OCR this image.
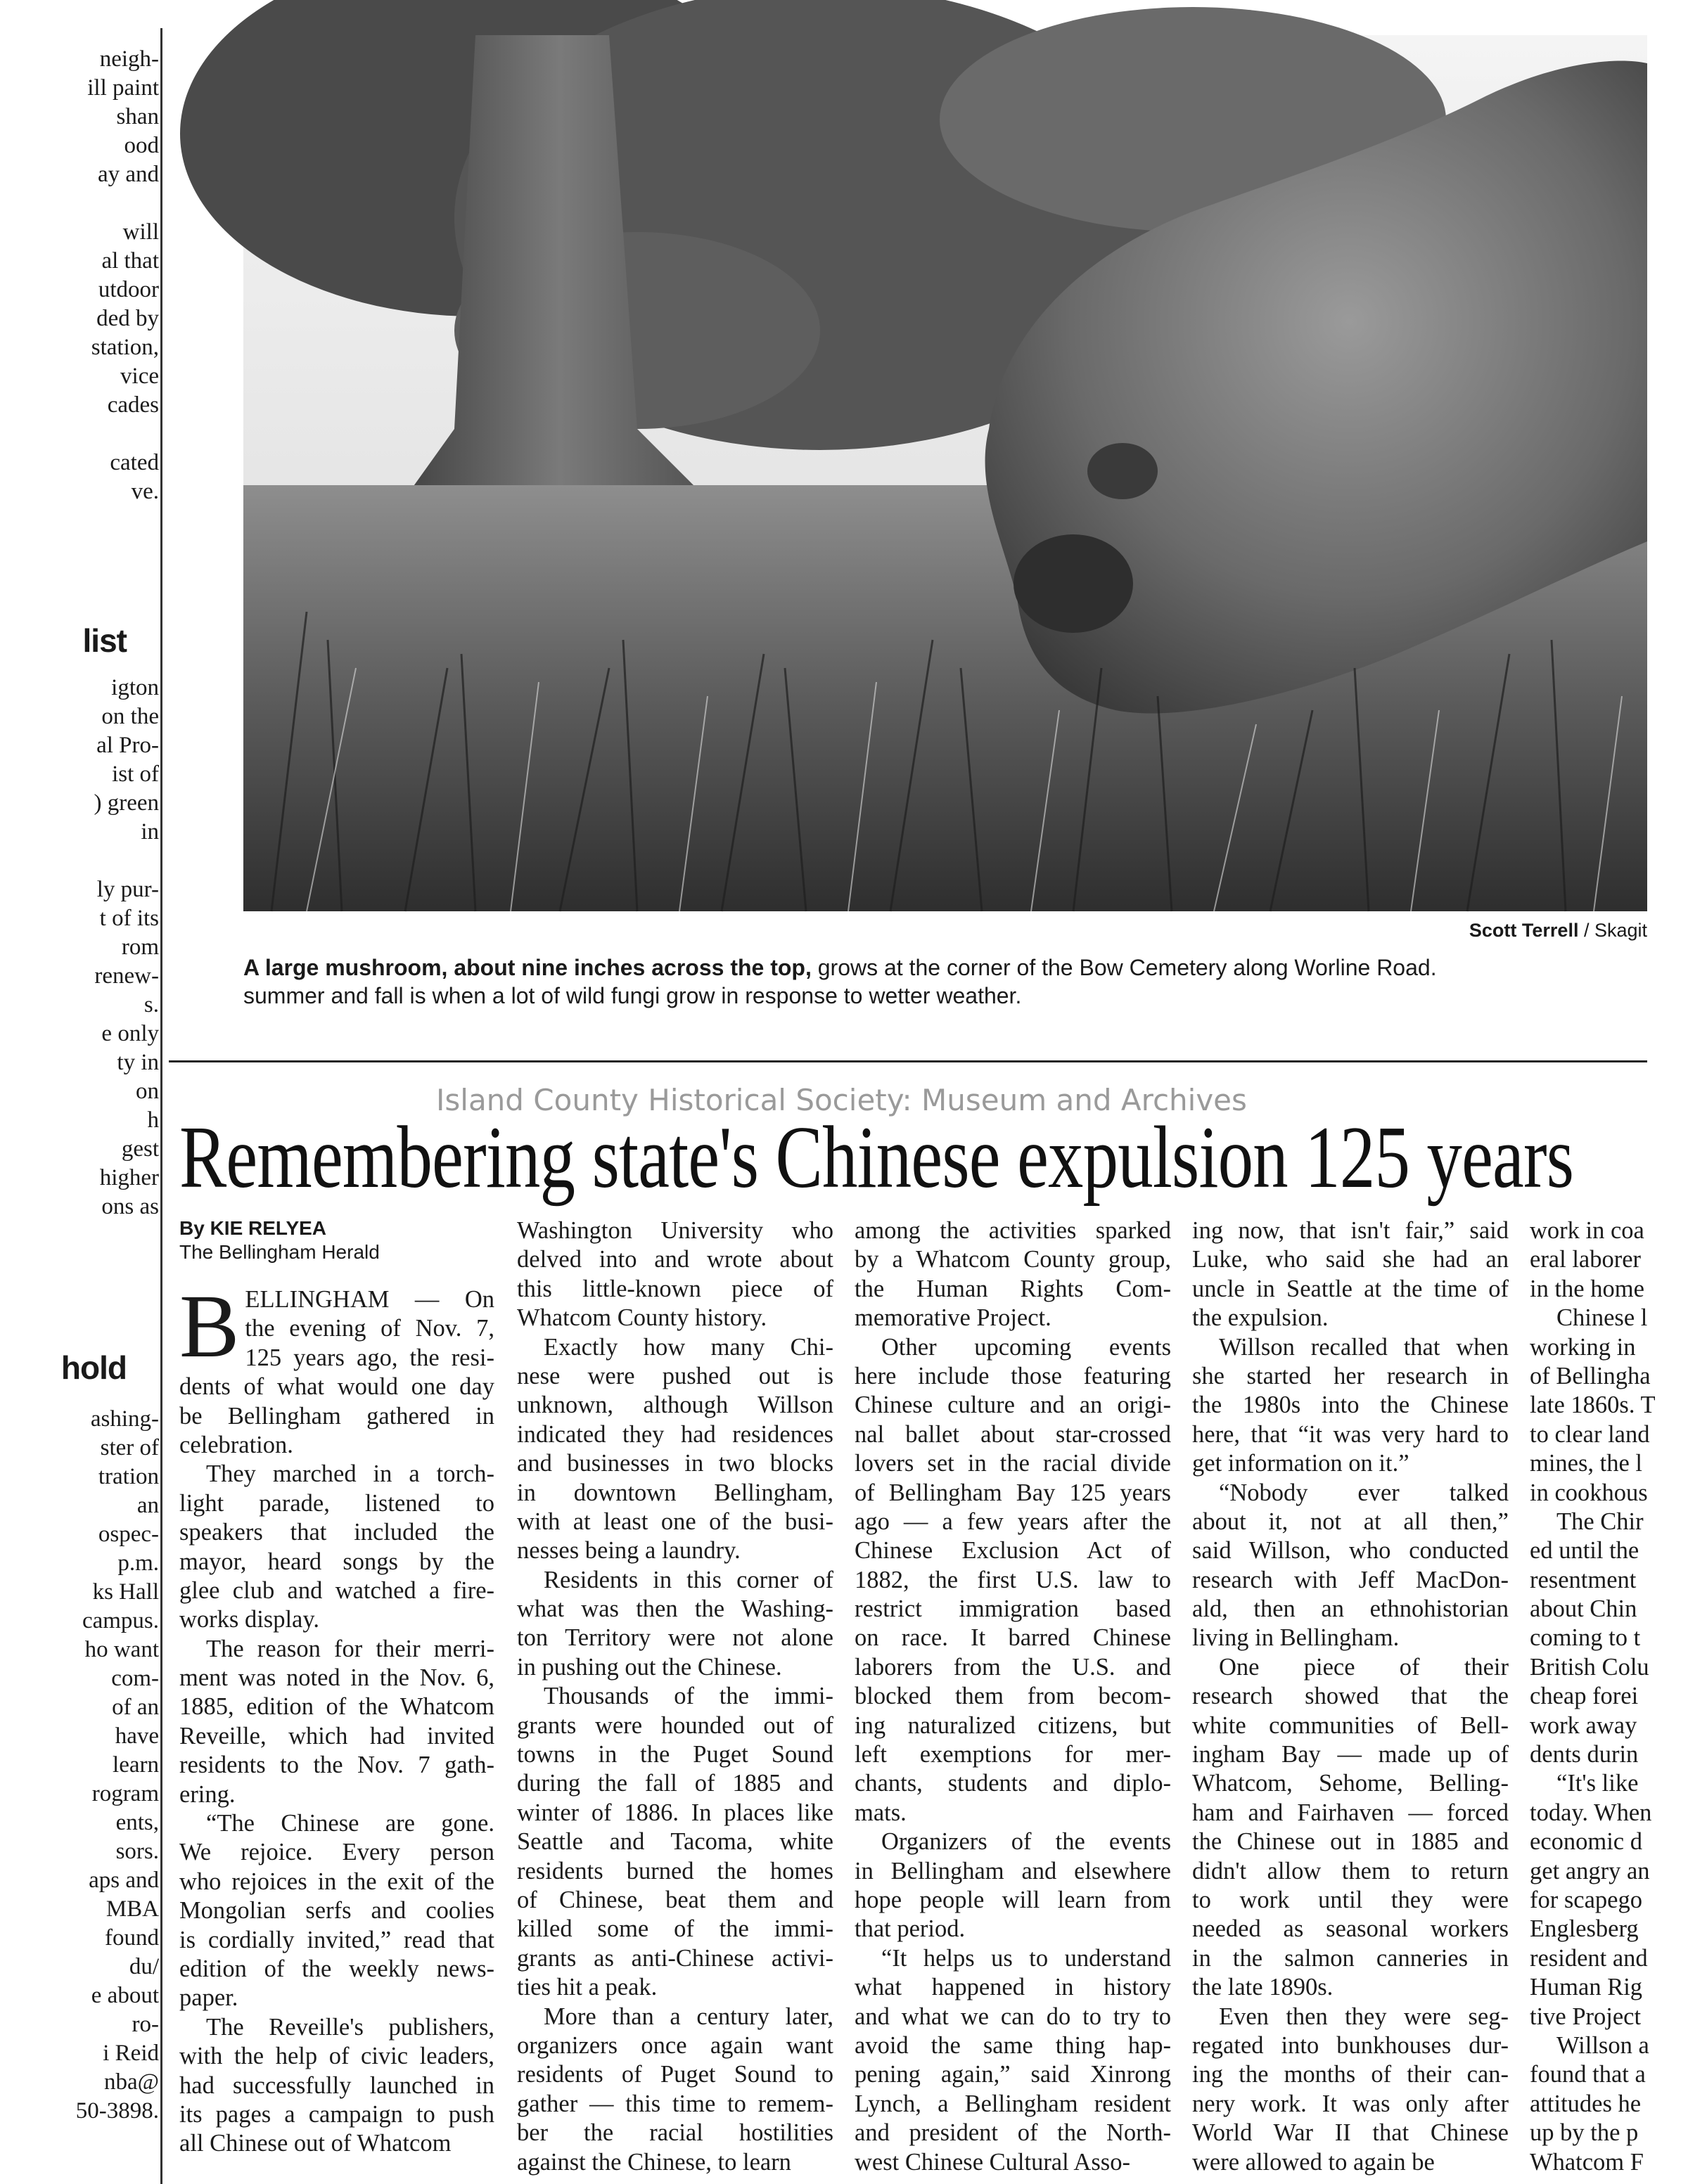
neigh-
ill paint
shan
ood
ay and
will
al that
utdoor
ded by
station,
vice
cades
cated
ve.
list
igton
on the
al Pro-
ist of
) green
in
ly pur-
t of its
rom
renew-
s.
e only
ty in
on
h
gest
higher
ons as
hold
ashing-
ster of
tration
an
ospec-
p.m.
ks Hall
campus.
ho want
com-
of an
have
learn
rogram
ents,
sors.
aps and
MBA
found
du/
e about
ro-
i Reid
nba@
50-3898.
Scott Terrell / Skagit
A large mushroom, about nine inches across the top, grows at the corner of the Bow Cemetery along Worline Road.
summer and fall is when a lot of wild fungi grow in response to wetter weather.
Island County Historical Society: Museum and Archives
Remembering state's Chinese expulsion 125 years
By KIE RELYEA
The Bellingham Herald
B ELLINGHAM — On
the evening of Nov. 7,
125 years ago, the resi-
dents of what would one day
be Bellingham gathered in
celebration.
They marched in a torch-
light parade, listened to
speakers that included the
mayor, heard songs by the
glee club and watched a fire-
works display.
The reason for their merri-
ment was noted in the Nov. 6,
1885, edition of the Whatcom
Reveille, which had invited
residents to the Nov. 7 gath-
ering.
“The Chinese are gone.
We rejoice. Every person
who rejoices in the exit of the
Mongolian serfs and coolies
is cordially invited,” read that
edition of the weekly news-
paper.
The Reveille's publishers,
with the help of civic leaders,
had successfully launched in
its pages a campaign to push
all Chinese out of Whatcom
Washington University who
delved into and wrote about
this little-known piece of
Whatcom County history.
Exactly how many Chi-
nese were pushed out is
unknown, although Willson
indicated they had residences
and businesses in two blocks
in downtown Bellingham,
with at least one of the busi-
nesses being a laundry.
Residents in this corner of
what was then the Washing-
ton Territory were not alone
in pushing out the Chinese.
Thousands of the immi-
grants were hounded out of
towns in the Puget Sound
during the fall of 1885 and
winter of 1886. In places like
Seattle and Tacoma, white
residents burned the homes
of Chinese, beat them and
killed some of the immi-
grants as anti-Chinese activi-
ties hit a peak.
More than a century later,
organizers once again want
residents of Puget Sound to
gather — this time to remem-
ber the racial hostilities
against the Chinese, to learn
among the activities sparked
by a Whatcom County group,
the Human Rights Com-
memorative Project.
Other upcoming events
here include those featuring
Chinese culture and an origi-
nal ballet about star-crossed
lovers set in the racial divide
of Bellingham Bay 125 years
ago — a few years after the
Chinese Exclusion Act of
1882, the first U.S. law to
restrict immigration based
on race. It barred Chinese
laborers from the U.S. and
blocked them from becom-
ing naturalized citizens, but
left exemptions for mer-
chants, students and diplo-
mats.
Organizers of the events
in Bellingham and elsewhere
hope people will learn from
that period.
“It helps us to understand
what happened in history
and what we can do to try to
avoid the same thing hap-
pening again,” said Xinrong
Lynch, a Bellingham resident
and president of the North-
west Chinese Cultural Asso-
ing now, that isn't fair,” said
Luke, who said she had an
uncle in Seattle at the time of
the expulsion.
Willson recalled that when
she started her research in
the 1980s into the Chinese
here, that “it was very hard to
get information on it.”
“Nobody ever talked
about it, not at all then,”
said Willson, who conducted
research with Jeff MacDon-
ald, then an ethnohistorian
living in Bellingham.
One piece of their
research showed that the
white communities of Bell-
ingham Bay — made up of
Whatcom, Sehome, Belling-
ham and Fairhaven — forced
the Chinese out in 1885 and
didn't allow them to return
to work until they were
needed as seasonal workers
in the salmon canneries in
the late 1890s.
Even then they were seg-
regated into bunkhouses dur-
ing the months of their can-
nery work. It was only after
World War II that Chinese
were allowed to again be
work in coa
eral laborer
in the home
Chinese l
working in
of Bellingha
late 1860s. T
to clear land
mines, the l
in cookhous
The Chir
ed until the
resentment
about Chin
coming to t
British Colu
cheap forei
work away
dents durin
“It's like
today. When
economic d
get angry an
for scapego
Englesberg
resident and
Human Rig
tive Project
Willson a
found that a
attitudes he
up by the p
Whatcom F
